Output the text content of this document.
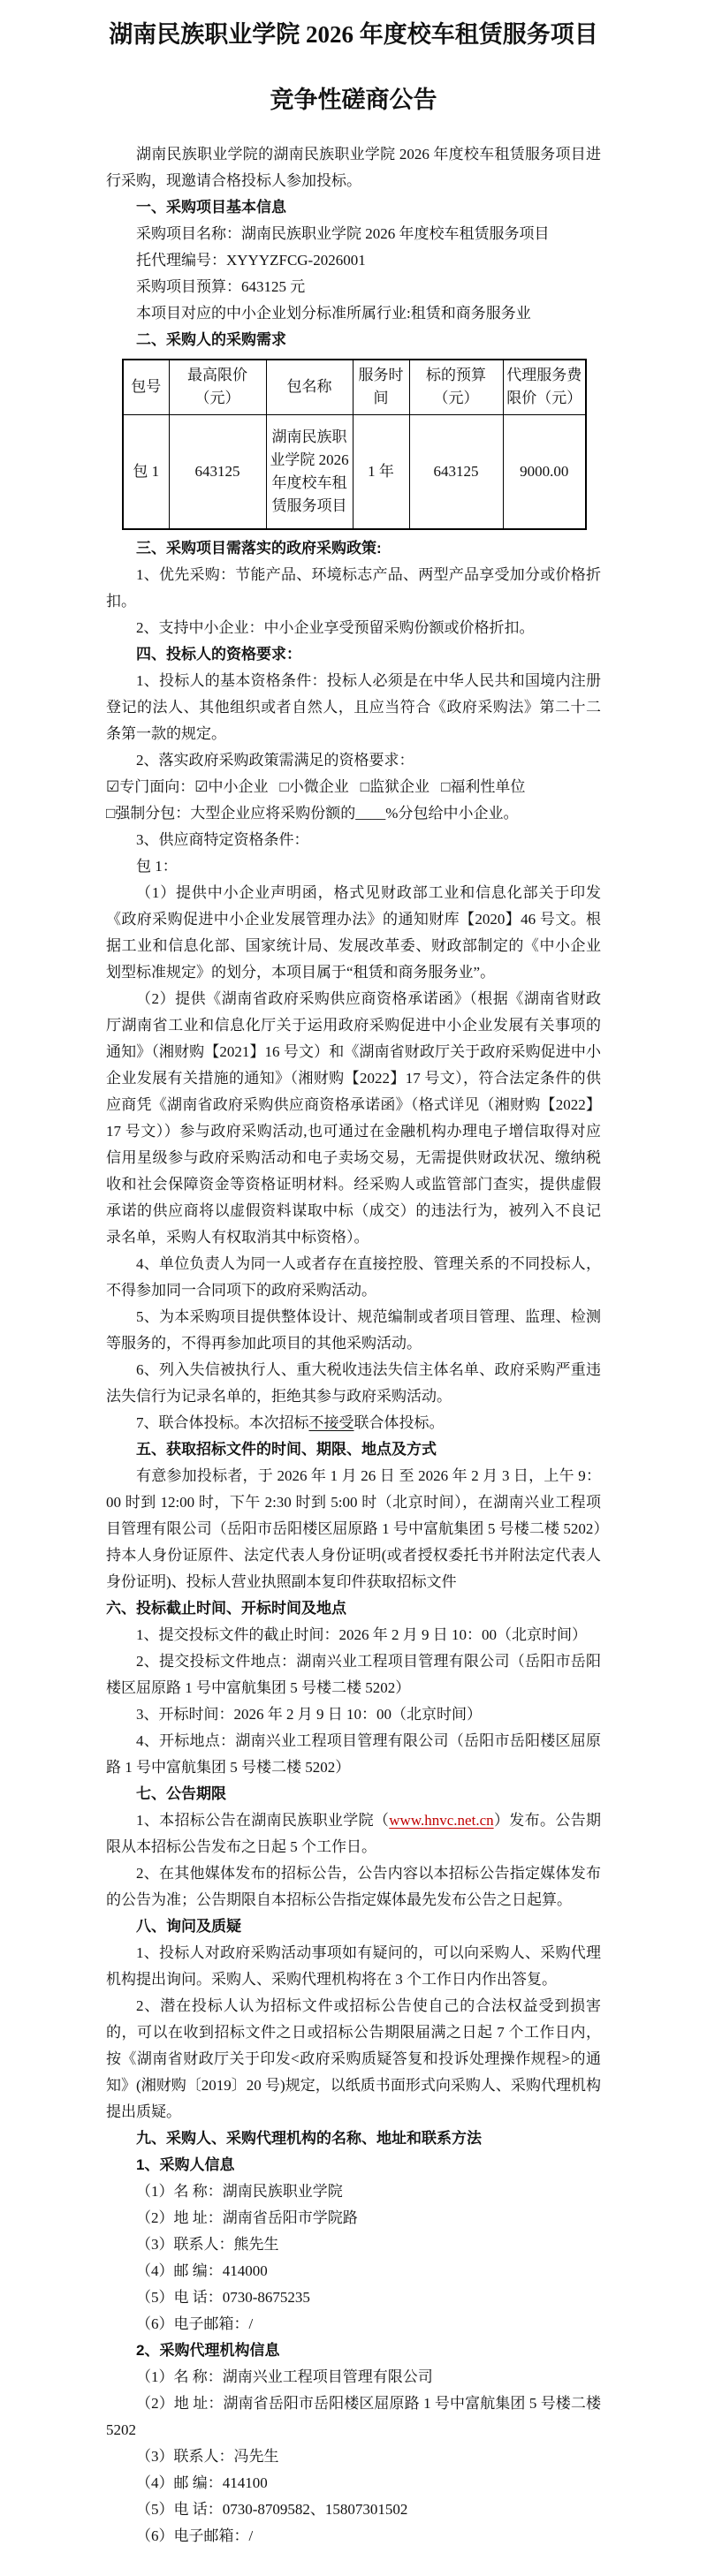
湖南民族职业学院 2026 年度校车租赁服务项目

竞争性磋商公告

湖南民族职业学院的湖南民族职业学院 2026 年度校车租赁服务项目进行采购，现邀请合格投标人参加投标。

一、采购项目基本信息

采购项目名称：湖南民族职业学院 2026 年度校车租赁服务项目

托代理编号：XYYYZFCG-2026001

采购项目预算：643125 元

本项目对应的中小企业划分标准所属行业:租赁和商务服务业

二、采购人的采购需求

包号	最高限价（元）	包名称	服务时间	标的预算（元）	代理服务费限价（元）
包 1	643125	湖南民族职业学院 2026 年度校车租赁服务项目	1 年	643125	9000.00

三、采购项目需落实的政府采购政策:

1、优先采购：节能产品、环境标志产品、两型产品享受加分或价格折扣。

2、支持中小企业：中小企业享受预留采购份额或价格折扣。

四、投标人的资格要求：

1、投标人的基本资格条件：投标人必须是在中华人民共和国境内注册登记的法人、其他组织或者自然人，且应当符合《政府采购法》第二十二条第一款的规定。

2、落实政府采购政策需满足的资格要求：

☑专门面向：☑中小企业 □小微企业 □监狱企业 □福利性单位

□强制分包：大型企业应将采购份额的____%分包给中小企业。

3、供应商特定资格条件：

包 1：

（1）提供中小企业声明函，格式见财政部工业和信息化部关于印发《政府采购促进中小企业发展管理办法》的通知财库【2020】46 号文。根据工业和信息化部、国家统计局、发展改革委、财政部制定的《中小企业划型标准规定》的划分，本项目属于“租赁和商务服务业”。

（2）提供《湖南省政府采购供应商资格承诺函》（根据《湖南省财政厅湖南省工业和信息化厅关于运用政府采购促进中小企业发展有关事项的通知》（湘财购【2021】16 号文）和《湖南省财政厅关于政府采购促进中小企业发展有关措施的通知》（湘财购【2022】17 号文），符合法定条件的供应商凭《湖南省政府采购供应商资格承诺函》（格式详见（湘财购【2022】17 号文））参与政府采购活动,也可通过在金融机构办理电子增信取得对应信用星级参与政府采购活动和电子卖场交易，无需提供财政状况、缴纳税收和社会保障资金等资格证明材料。经采购人或监管部门查实，提供虚假承诺的供应商将以虚假资料谋取中标（成交）的违法行为，被列入不良记录名单，采购人有权取消其中标资格）。

4、单位负责人为同一人或者存在直接控股、管理关系的不同投标人，不得参加同一合同项下的政府采购活动。

5、为本采购项目提供整体设计、规范编制或者项目管理、监理、检测等服务的，不得再参加此项目的其他采购活动。

6、列入失信被执行人、重大税收违法失信主体名单、政府采购严重违法失信行为记录名单的，拒绝其参与政府采购活动。

7、联合体投标。本次招标不接受联合体投标。

五、获取招标文件的时间、期限、地点及方式

有意参加投标者，于 2026 年 1 月 26 日 至 2026 年 2 月 3 日，上午 9：00 时到 12:00 时，下午 2:30 时到 5:00 时（北京时间），在湖南兴业工程项目管理有限公司（岳阳市岳阳楼区屈原路 1 号中富航集团 5 号楼二楼 5202）持本人身份证原件、法定代表人身份证明(或者授权委托书并附法定代表人身份证明)、投标人营业执照副本复印件获取招标文件

六、投标截止时间、开标时间及地点

1、提交投标文件的截止时间：2026 年 2 月 9 日 10：00（北京时间）

2、提交投标文件地点：湖南兴业工程项目管理有限公司（岳阳市岳阳楼区屈原路 1 号中富航集团 5 号楼二楼 5202）

3、开标时间：2026 年 2 月 9 日 10：00（北京时间）

4、开标地点：湖南兴业工程项目管理有限公司（岳阳市岳阳楼区屈原路 1 号中富航集团 5 号楼二楼 5202）

七、公告期限

1、本招标公告在湖南民族职业学院（www.hnvc.net.cn）发布。公告期限从本招标公告发布之日起 5 个工作日。

2、在其他媒体发布的招标公告，公告内容以本招标公告指定媒体发布的公告为准；公告期限自本招标公告指定媒体最先发布公告之日起算。

八、询问及质疑

1、投标人对政府采购活动事项如有疑问的，可以向采购人、采购代理机构提出询问。采购人、采购代理机构将在 3 个工作日内作出答复。

2、潜在投标人认为招标文件或招标公告使自己的合法权益受到损害的，可以在收到招标文件之日或招标公告期限届满之日起 7 个工作日内，按《湖南省财政厅关于印发<政府采购质疑答复和投诉处理操作规程>的通知》(湘财购〔2019〕20 号)规定，以纸质书面形式向采购人、采购代理机构提出质疑。

九、采购人、采购代理机构的名称、地址和联系方法

1、采购人信息

（1）名 称：湖南民族职业学院

（2）地 址：湖南省岳阳市学院路

（3）联系人：熊先生

（4）邮 编：414000

（5）电 话：0730-8675235

（6）电子邮箱：/

2、采购代理机构信息

（1）名 称：湖南兴业工程项目管理有限公司

（2）地 址：湖南省岳阳市岳阳楼区屈原路 1 号中富航集团 5 号楼二楼 5202

（3）联系人：冯先生

（4）邮 编：414100

（5）电 话：0730-8709582、15807301502

（6）电子邮箱：/
